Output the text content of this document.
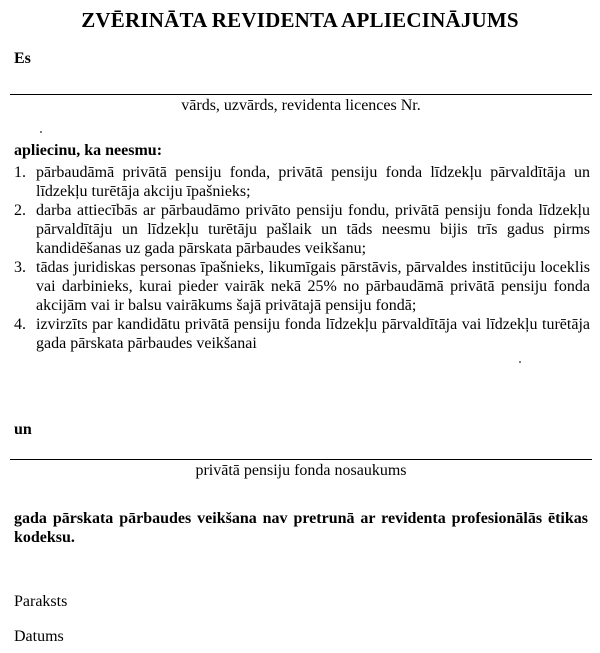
ZVĒRINĀTA REVIDENTA APLIECINĀJUMS
Es
vārds, uzvārds, revidenta licences Nr.
apliecinu, ka neesmu:
1. pārbaudāmā privātā pensiju fonda, privātā pensiju fonda līdzekļu pārvaldītāja un līdzekļu turētāja akciju īpašnieks;
2. darba attiecībās ar pārbaudāmo privāto pensiju fondu, privātā pensiju fonda līdzekļu pārvaldītāju un līdzekļu turētāju pašlaik un tāds neesmu bijis trīs gadus pirms kandidēšanas uz gada pārskata pārbaudes veikšanu;
3. tādas juridiskas personas īpašnieks, likumīgais pārstāvis, pārvaldes institūciju loceklis vai darbinieks, kurai pieder vairāk nekā 25% no pārbaudāmā privātā pensiju fonda akcijām vai ir balsu vairākums šajā privātajā pensiju fondā;
4. izvirzīts par kandidātu privātā pensiju fonda līdzekļu pārvaldītāja vai līdzekļu turētāja gada pārskata pārbaudes veikšanai
un
privātā pensiju fonda nosaukums
gada pārskata pārbaudes veikšana nav pretrunā ar revidenta profesionālās ētikas kodeksu.
Paraksts
Datums
